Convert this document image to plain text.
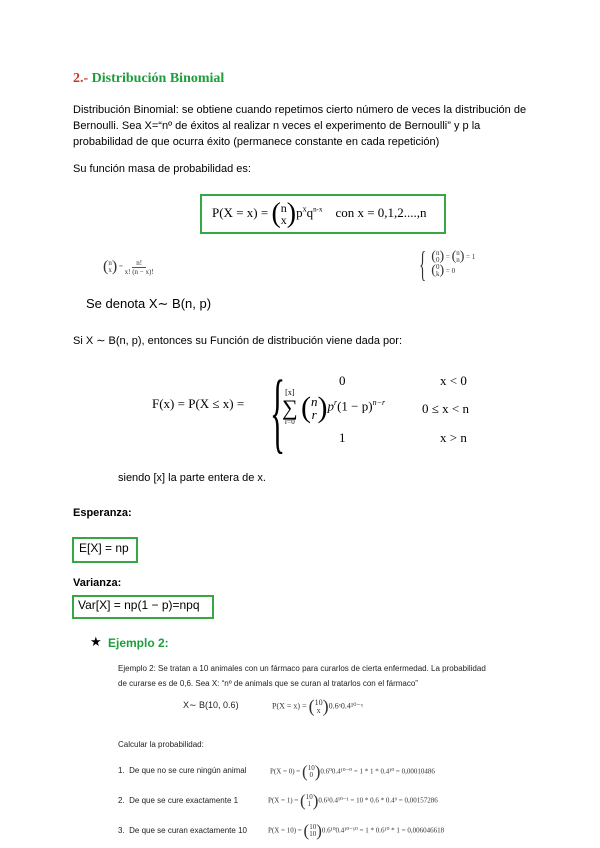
2.- Distribución Binomial
Distribución Binomial: se obtiene cuando repetimos cierto número de veces la distribución de Bernoulli. Sea X=“nº de éxitos al realizar n veces el experimento de Bernoulli” y p la probabilidad de que ocurra éxito (permanece constante en cada repetición)
Su función masa de probabilidad es:
P(X = x) = ( n
x ) $p^xq^{n-x}$ con x = 0,1,2....,n
( n
x ) = $\frac{n!}{x! (n - x)!}$	{ ( n
0 ) = ( n
n ) = 1
( 0
k ) = 0
Se denota X∼ B(n, p)
Si X ∼ B(n, p), entonces su Función de distribución viene dada por:
F(x) = P(X ≤ x) = {	0	x < 0
[x]
∑
r=0
( n
r ) $p^r(1 - p)^{n-r}$	0 ≤ x < n
1	x > n
siendo [x] la parte entera de x.
Esperanza:
E[X] = np
Varianza:
Var[X] = np(1 − p)=npq
★ Ejemplo 2:
Ejemplo 2: Se tratan a 10 animales con un fármaco para curarlos de cierta enfermedad. La probabilidad de curarse es de 0,6. Sea X: “nº de animals que se curan al tratarlos con el fármaco”
X∼ B(10, 0.6)	P(X = x) = ( 10
x ) 0.6ˣ0.4¹⁰⁻ˣ
Calcular la probabilidad:
1. De que no se cure ningún animal	P(X = 0) = ( 10
0 ) 0.6⁰0.4¹⁰⁻⁰ = 1 * 1 * 0.4¹⁰ = 0,00010486
2. De que se cure exactamente 1	P(X = 1) = ( 10
1 ) 0.6¹0.4¹⁰⁻¹ = 10 * 0.6 * 0.4⁹ = 0,00157286
3. De que se curan exactamente 10	P(X = 10) = ( 10
10 ) 0.6¹⁰0.4¹⁰⁻¹⁰ = 1 * 0.6¹⁰ * 1 = 0,006046618
